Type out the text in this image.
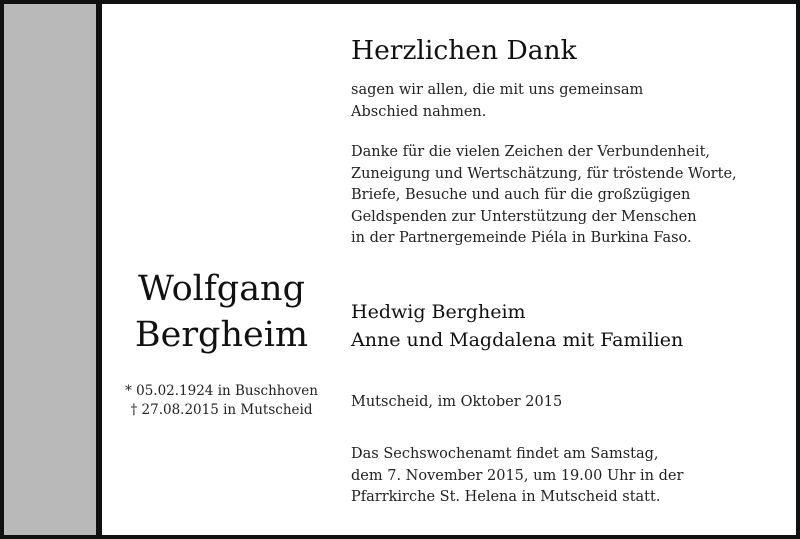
Wolfgang
Bergheim
* 05.02.1924 in Buschhoven
† 27.08.2015 in Mutscheid
Herzlichen Dank
sagen wir allen, die mit uns gemeinsam
Abschied nahmen.
Danke für die vielen Zeichen der Verbundenheit,
Zuneigung und Wertschätzung, für tröstende Worte,
Briefe, Besuche und auch für die großzügigen
Geldspenden zur Unterstützung der Menschen
in der Partnergemeinde Piéla in Burkina Faso.
Hedwig Bergheim
Anne und Magdalena mit Familien
Mutscheid, im Oktober 2015
Das Sechswochenamt findet am Samstag,
dem 7. November 2015, um 19.00 Uhr in der
Pfarrkirche St. Helena in Mutscheid statt.
